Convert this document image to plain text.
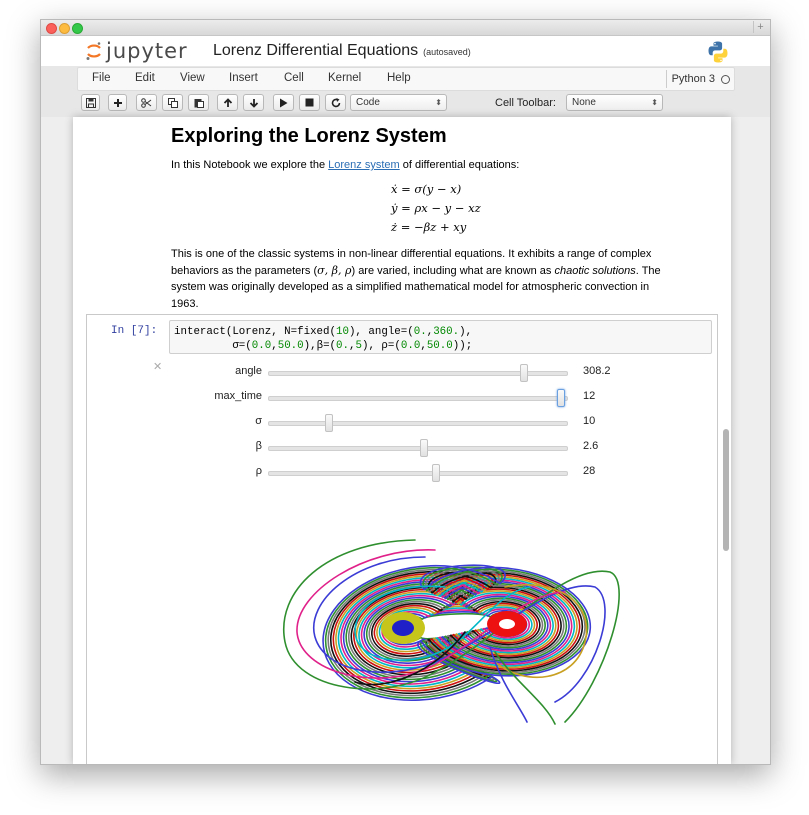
+
jupyter Lorenz Differential Equations (autosaved)
File Edit View Insert Cell Kernel Help	Python 3
Code	⬍	Cell Toolbar:	None	⬍
Exploring the Lorenz System
In this Notebook we explore the Lorenz system of differential equations:
ẋ = σ(y − x)
ẏ = ρx − y − xz
ż = −βz + xy
This is one of the classic systems in non-linear differential equations. It exhibits a range of complex behaviors as the parameters (σ, β, ρ) are varied, including what are known as chaotic solutions. The system was originally developed as a simplified mathematical model for atmospheric convection in 1963.
In [7]:	interact(Lorenz, N=fixed(10), angle=(0.,360.),
σ=(0.0,50.0),β=(0.,5), ρ=(0.0,50.0));
✕	angle	308.2
max_time	12
σ	10
β	2.6
ρ	28
